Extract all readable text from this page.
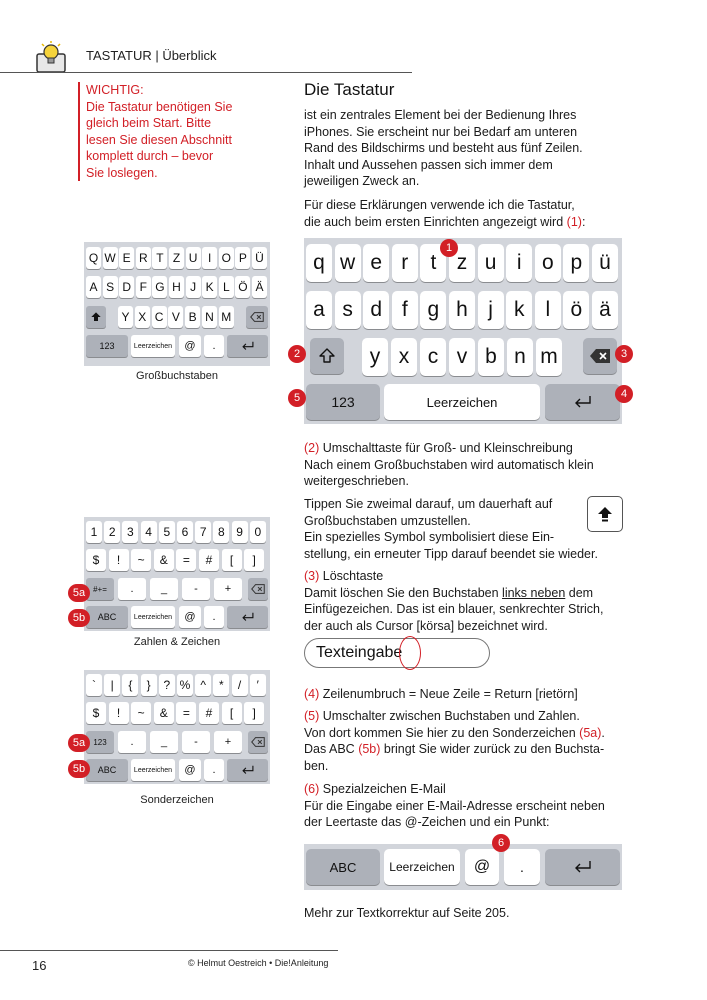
TASTATUR | Überblick
WICHTIG:
Die Tastatur benötigen Sie
gleich beim Start. Bitte
lesen Sie diesen Abschnitt
komplett durch – bevor
Sie loslegen.
Die Tastatur
ist ein zentrales Element bei der Bedienung Ihres
iPhones. Sie erscheint nur bei Bedarf am unteren
Rand des Bildschirms und besteht aus fünf Zeilen.
Inhalt und Aussehen passen sich immer dem
jeweiligen Zweck an.
Für diese Erklärungen verwende ich die Tastatur,
die auch beim ersten Einrichten angezeigt wird (1):
q w e r	t z u i o p ü
a s d f g h j	k	l ö ä
y x c v b n m
123	Leerzeichen
1
2	3
4
5
Q W E R T Z U I O P Ü
A S D F G H J K L Ö Ä
Y X C V B N M
123	Leerzeichen	@	.
Großbuchstaben
1 2 3 4 5 6 7 8 9 0
$	!	~	&	=	#	[	]
#+=	.	_	-	+
ABC	Leerzeichen	@	.
5a
5b
Zahlen & Zeichen
`	|	{	}	? % ^	*	/	′
$	!	~	&	=	#	[	]
123	.	_	-	+
ABC	Leerzeichen	@	.
5a
5b
Sonderzeichen
(2) Umschalttaste für Groß- und Kleinschreibung
Nach einem Großbuchstaben wird automatisch klein
weitergeschrieben.
Tippen Sie zweimal darauf, um dauerhaft auf
Großbuchstaben umzustellen.
Ein spezielles Symbol symbolisiert diese Ein-
stellung, ein erneuter Tipp darauf beendet sie wieder.
(3) Löschtaste
Damit löschen Sie den Buchstaben links neben dem
Einfügezeichen. Das ist ein blauer, senkrechter Strich,
der auch als Cursor [körsa] bezeichnet wird.
Texteingabe
(4) Zeilenumbruch = Neue Zeile = Return [rietörn]
(5) Umschalter zwischen Buchstaben und Zahlen.
Von dort kommen Sie hier zu den Sonderzeichen (5a).
Das ABC (5b) bringt Sie wider zurück zu den Buchsta-
ben.
(6) Spezialzeichen E-Mail
Für die Eingabe einer E-Mail-Adresse erscheint neben
der Leertaste das @-Zeichen und ein Punkt:
ABC	Leerzeichen	@	.
6
Mehr zur Textkorrektur auf Seite 205.
16	© Helmut Oestreich • Die!Anleitung
